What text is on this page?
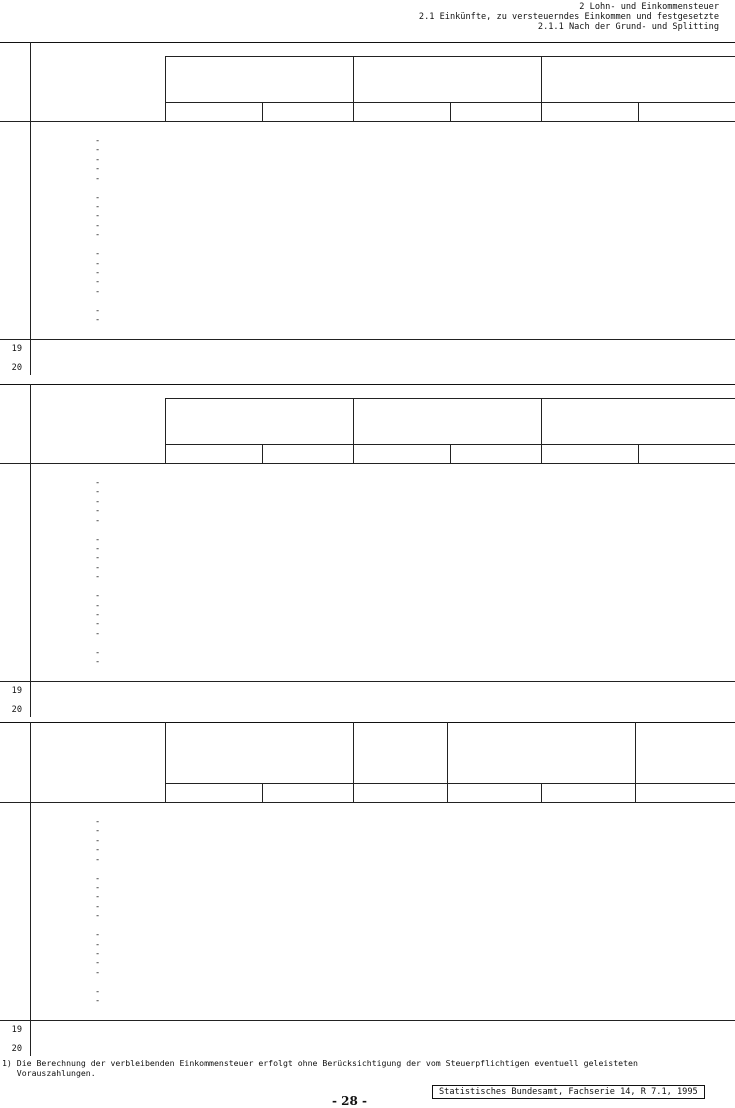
2 Lohn- und Einkommensteuer
2.1 Einkünfte, zu versteuerndes Einkommen und festgesetzte
2.1.1 Nach der Grund- und Splitting
-
-
-
-
-
-
-
-
-
-
-
-
-
-
-
-
-
19
20
-
-
-
-
-
-
-
-
-
-
-
-
-
-
-
-
-
19
20
-
-
-
-
-
-
-
-
-
-
-
-
-
-
-
-
-
19
20
1) Die Berechnung der verbleibenden Einkommensteuer erfolgt ohne Berücksichtigung der vom Steuerpflichtigen eventuell geleisteten
Vorauszahlungen.
Statistisches Bundesamt, Fachserie 14, R 7.1, 1995
- 28 -
